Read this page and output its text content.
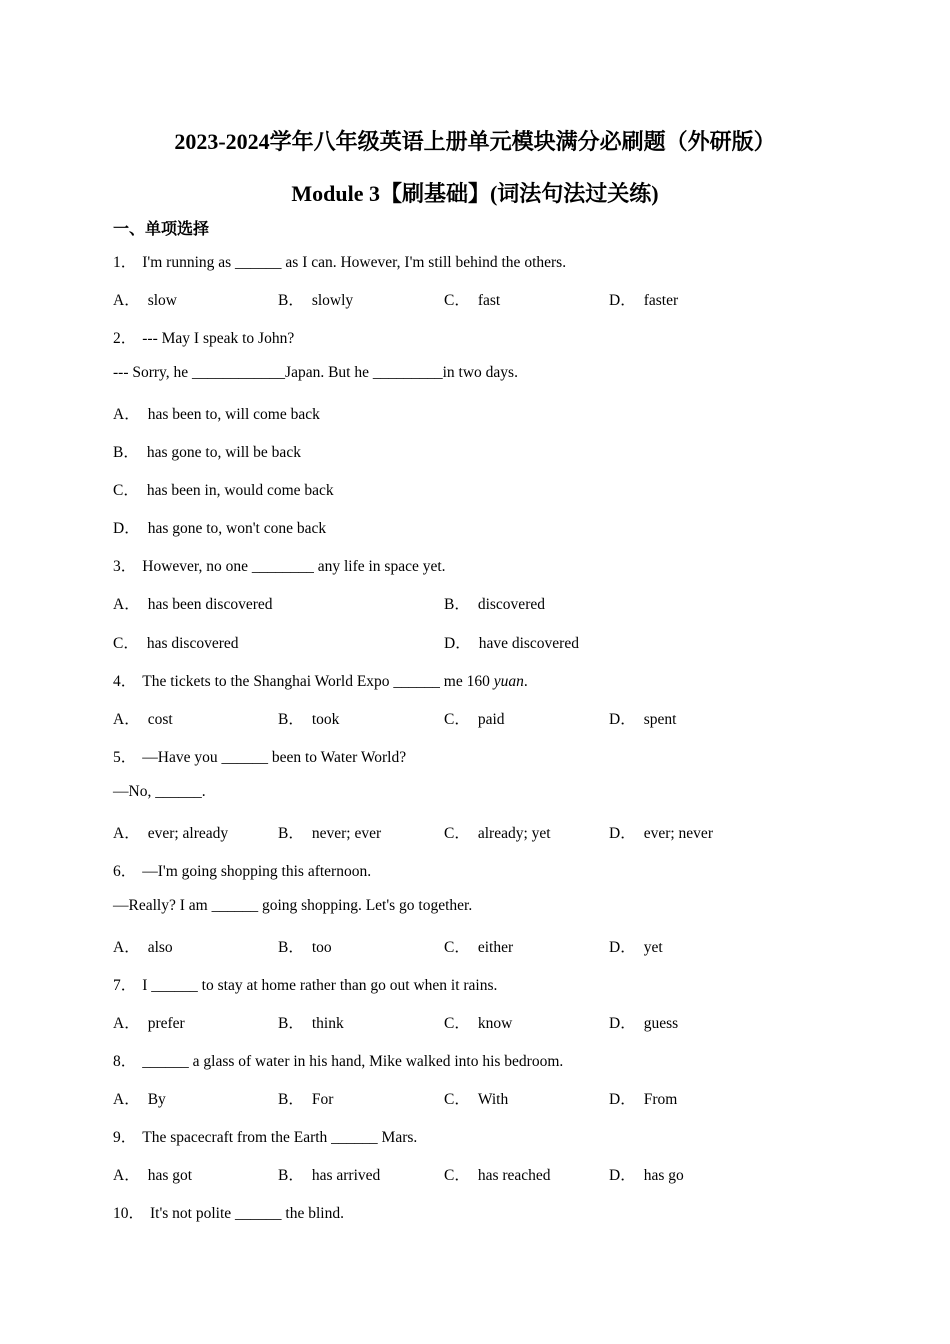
2023-2024学年八年级英语上册单元模块满分必刷题（外研版）
Module 3【刷基础】(词法句法过关练)
一、单项选择
1． I'm running as ______ as I can. However, I'm still behind the others.
A． slow	B． slowly	C． fast	D． faster
2． --- May I speak to John?
--- Sorry, he ____________Japan. But he _________in two days.
A． has been to, will come back
B． has gone to, will be back
C． has been in, would come back
D． has gone to, won't cone back
3． However, no one ________ any life in space yet.
A． has been discovered	B． discovered
C． has discovered	D． have discovered
4． The tickets to the Shanghai World Expo ______ me 160 yuan.
A． cost	B． took	C． paid	D． spent
5． —Have you ______ been to Water World?
—No, ______.
A． ever; already	B． never; ever	C． already; yet	D． ever; never
6． —I'm going shopping this afternoon.
—Really? I am ______ going shopping. Let's go together.
A． also	B． too	C． either	D． yet
7． I ______ to stay at home rather than go out when it rains.
A． prefer	B． think	C． know	D． guess
8． ______ a glass of water in his hand, Mike walked into his bedroom.
A． By	B． For	C． With	D． From
9． The spacecraft from the Earth ______ Mars.
A． has got	B． has arrived	C． has reached	D． has go
10． It's not polite ______ the blind.
